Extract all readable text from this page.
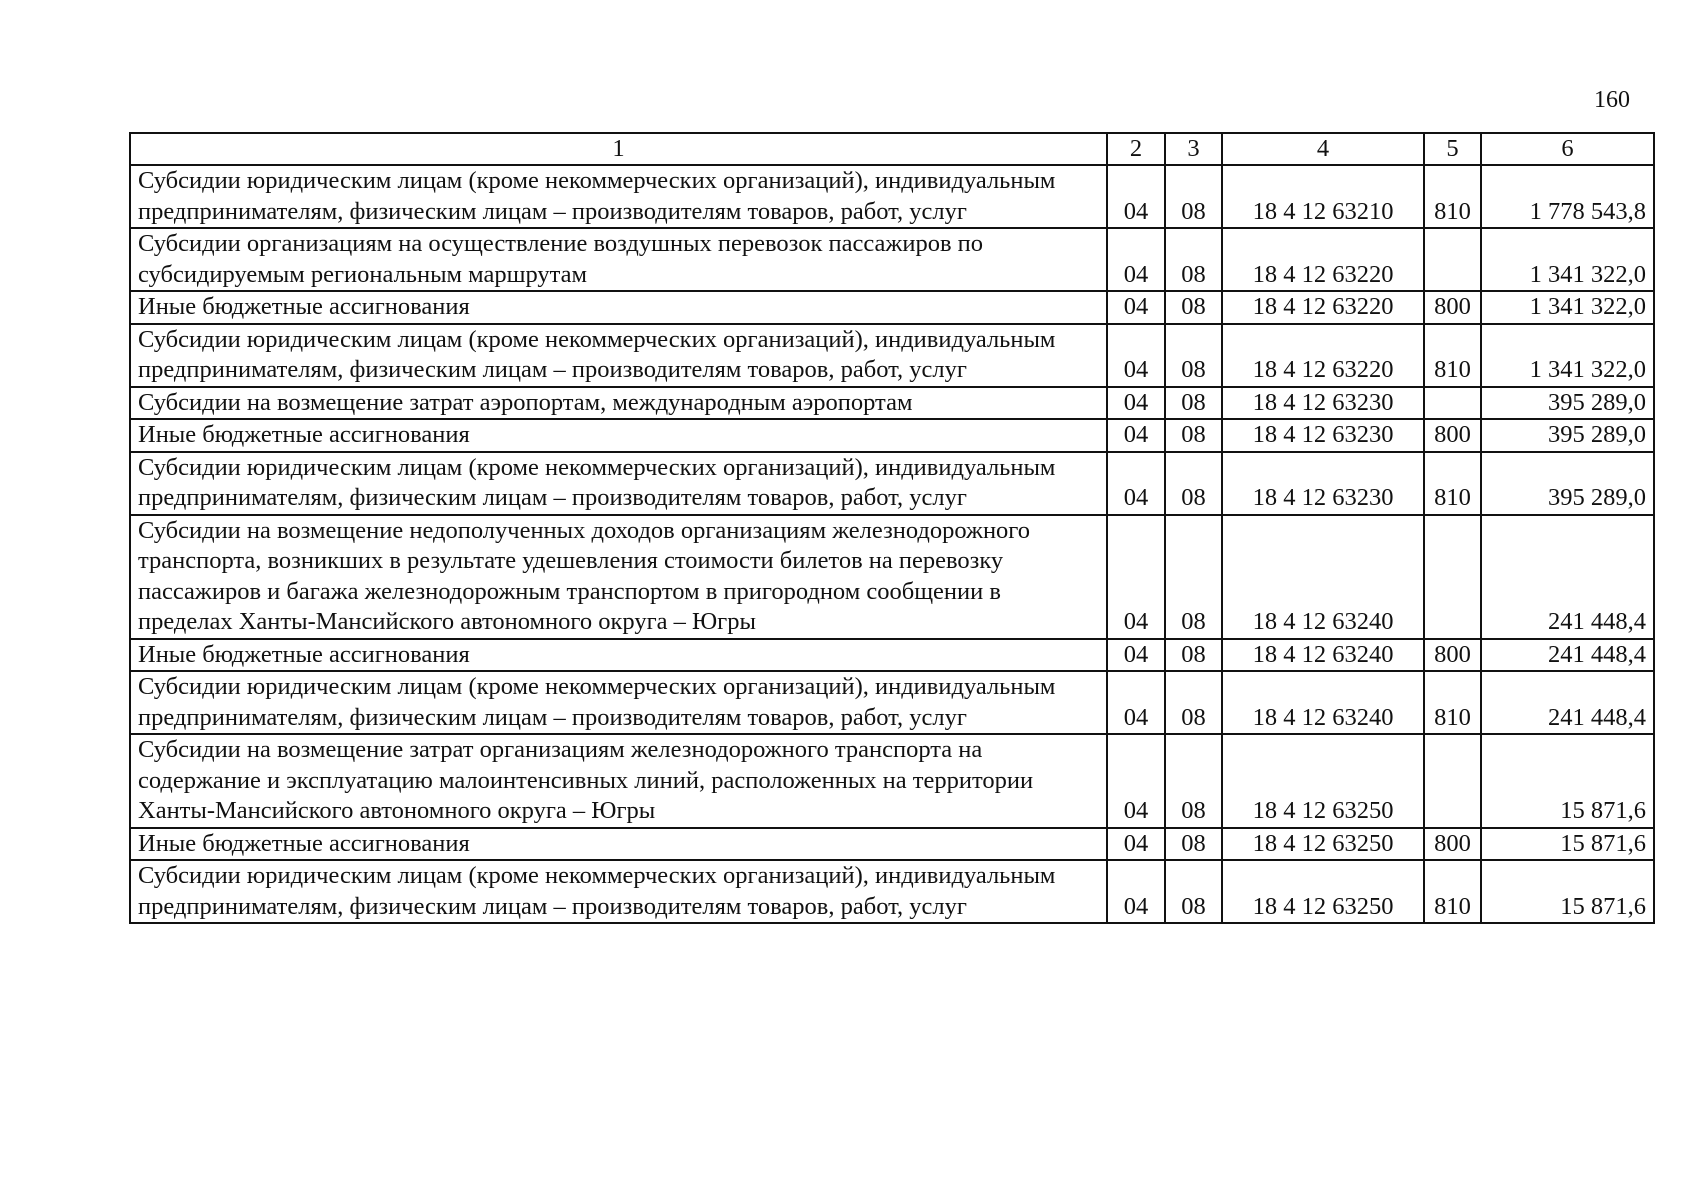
160
1	2	3	4	5	6
Субсидии юридическим лицам (кроме некоммерческих организаций), индивидуальным предпринимателям, физическим лицам – производителям товаров, работ, услуг	04	08	18 4 12 63210	810	1 778 543,8
Субсидии организациям на осуществление воздушных перевозок пассажиров по субсидируемым региональным маршрутам	04	08	18 4 12 63220		1 341 322,0
Иные бюджетные ассигнования	04	08	18 4 12 63220	800	1 341 322,0
Субсидии юридическим лицам (кроме некоммерческих организаций), индивидуальным предпринимателям, физическим лицам – производителям товаров, работ, услуг	04	08	18 4 12 63220	810	1 341 322,0
Субсидии на возмещение затрат аэропортам, международным аэропортам	04	08	18 4 12 63230		395 289,0
Иные бюджетные ассигнования	04	08	18 4 12 63230	800	395 289,0
Субсидии юридическим лицам (кроме некоммерческих организаций), индивидуальным предпринимателям, физическим лицам – производителям товаров, работ, услуг	04	08	18 4 12 63230	810	395 289,0
Субсидии на возмещение недополученных доходов организациям железнодорожного транспорта, возникших в результате удешевления стоимости билетов на перевозку пассажиров и багажа железнодорожным транспортом в пригородном сообщении в пределах Ханты-Мансийского автономного округа – Югры	04	08	18 4 12 63240		241 448,4
Иные бюджетные ассигнования	04	08	18 4 12 63240	800	241 448,4
Субсидии юридическим лицам (кроме некоммерческих организаций), индивидуальным предпринимателям, физическим лицам – производителям товаров, работ, услуг	04	08	18 4 12 63240	810	241 448,4
Субсидии на возмещение затрат организациям железнодорожного транспорта на содержание и эксплуатацию малоинтенсивных линий, расположенных на территории Ханты-Мансийского автономного округа – Югры	04	08	18 4 12 63250		15 871,6
Иные бюджетные ассигнования	04	08	18 4 12 63250	800	15 871,6
Субсидии юридическим лицам (кроме некоммерческих организаций), индивидуальным предпринимателям, физическим лицам – производителям товаров, работ, услуг	04	08	18 4 12 63250	810	15 871,6
